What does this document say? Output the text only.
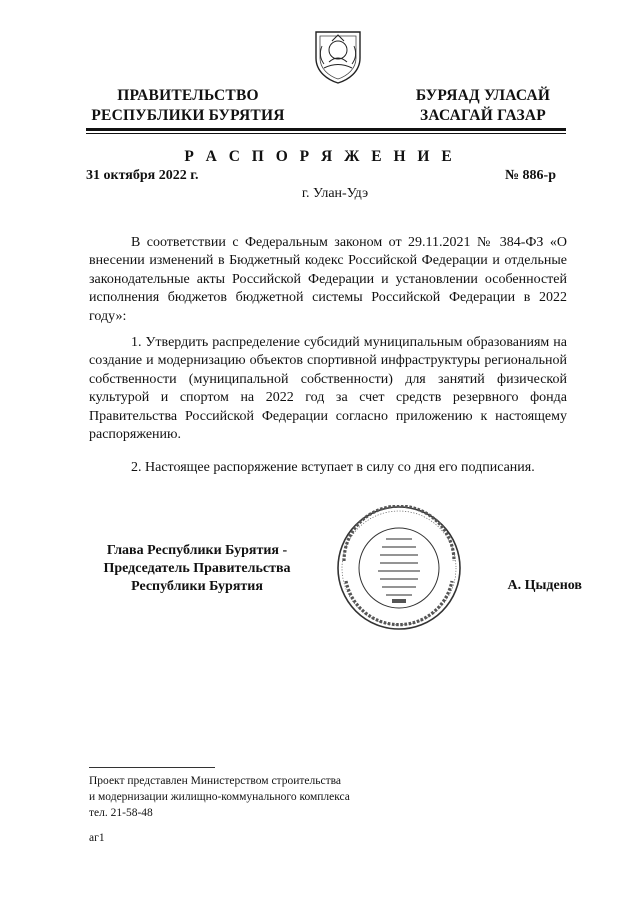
ПРАВИТЕЛЬСТВО
РЕСПУБЛИКИ БУРЯТИЯ
БУРЯАД УЛАСАЙ
ЗАСАГАЙ ГАЗАР
Р А С П О Р Я Ж Е Н И Е
31 октября 2022 г.	№ 886-р
г. Улан-Удэ

В соответствии с Федеральным законом от 29.11.2021 № 384-ФЗ «О внесении изменений в Бюджетный кодекс Российской Федерации и отдельные законодательные акты Российской Федерации и установлении особенностей исполнения бюджетов бюджетной системы Российской Федерации в 2022 году»:

1. Утвердить распределение субсидий муниципальным образованиям на создание и модернизацию объектов спортивной инфраструктуры региональной собственности (муниципальной собственности) для занятий физической культурой и спортом на 2022 год за счет средств резервного фонда Правительства Российской Федерации согласно приложению к настоящему распоряжению.

2. Настоящее распоряжение вступает в силу со дня его подписания.

Глава Республики Бурятия -
Председатель Правительства
Республики Бурятия	А. Цыденов
Проект представлен Министерством строительства
и модернизации жилищно-коммунального комплекса
тел. 21-58-48
аг1
